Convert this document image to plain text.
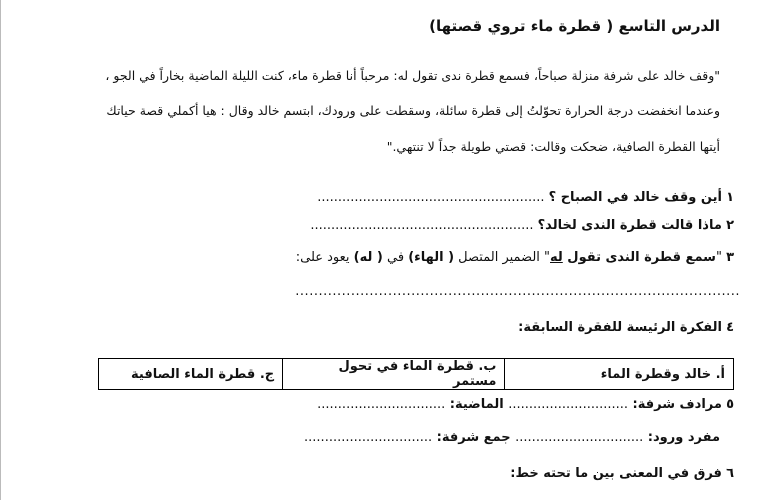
الدرس التاسع ( قطرة ماء تروي قصتها)
"وقف خالد على شرفة منزلة صباحاً، فسمع قطرة ندى تقول له: مرحباً أنا قطرة ماء، كنت الليلة الماضية بخاراً في الجو ،
وعندما انخفضت درجة الحرارة تحوّلتُ إلى قطرة سائلة، وسقطت على ورودك، ابتسم خالد وقال : هيا أكملي قصة حياتك
أيتها القطرة الصافية، ضحكت وقالت: قصتي طويلة جداً لا تنتهي."
١ أين وقف خالد في الصباح ؟ .......................................................
٢ ماذا قالت قطرة الندى لخالد؟ ......................................................
٣ "سمع قطرة الندى تقول له" الضمير المتصل ( الهاء) في ( له) يعود على:
................................................................................................
٤ الفكرة الرئيسة للفقرة السابقة:
أ. خالد وقطرة الماء	ب. قطرة الماء في تحول مستمر	ج. قطرة الماء الصافية
٥ مرادف شرفة: ............................. الماضية: ...............................
مفرد ورود: ............................... جمع شرفة: ...............................
٦ فرق في المعنى بين ما تحته خط:
